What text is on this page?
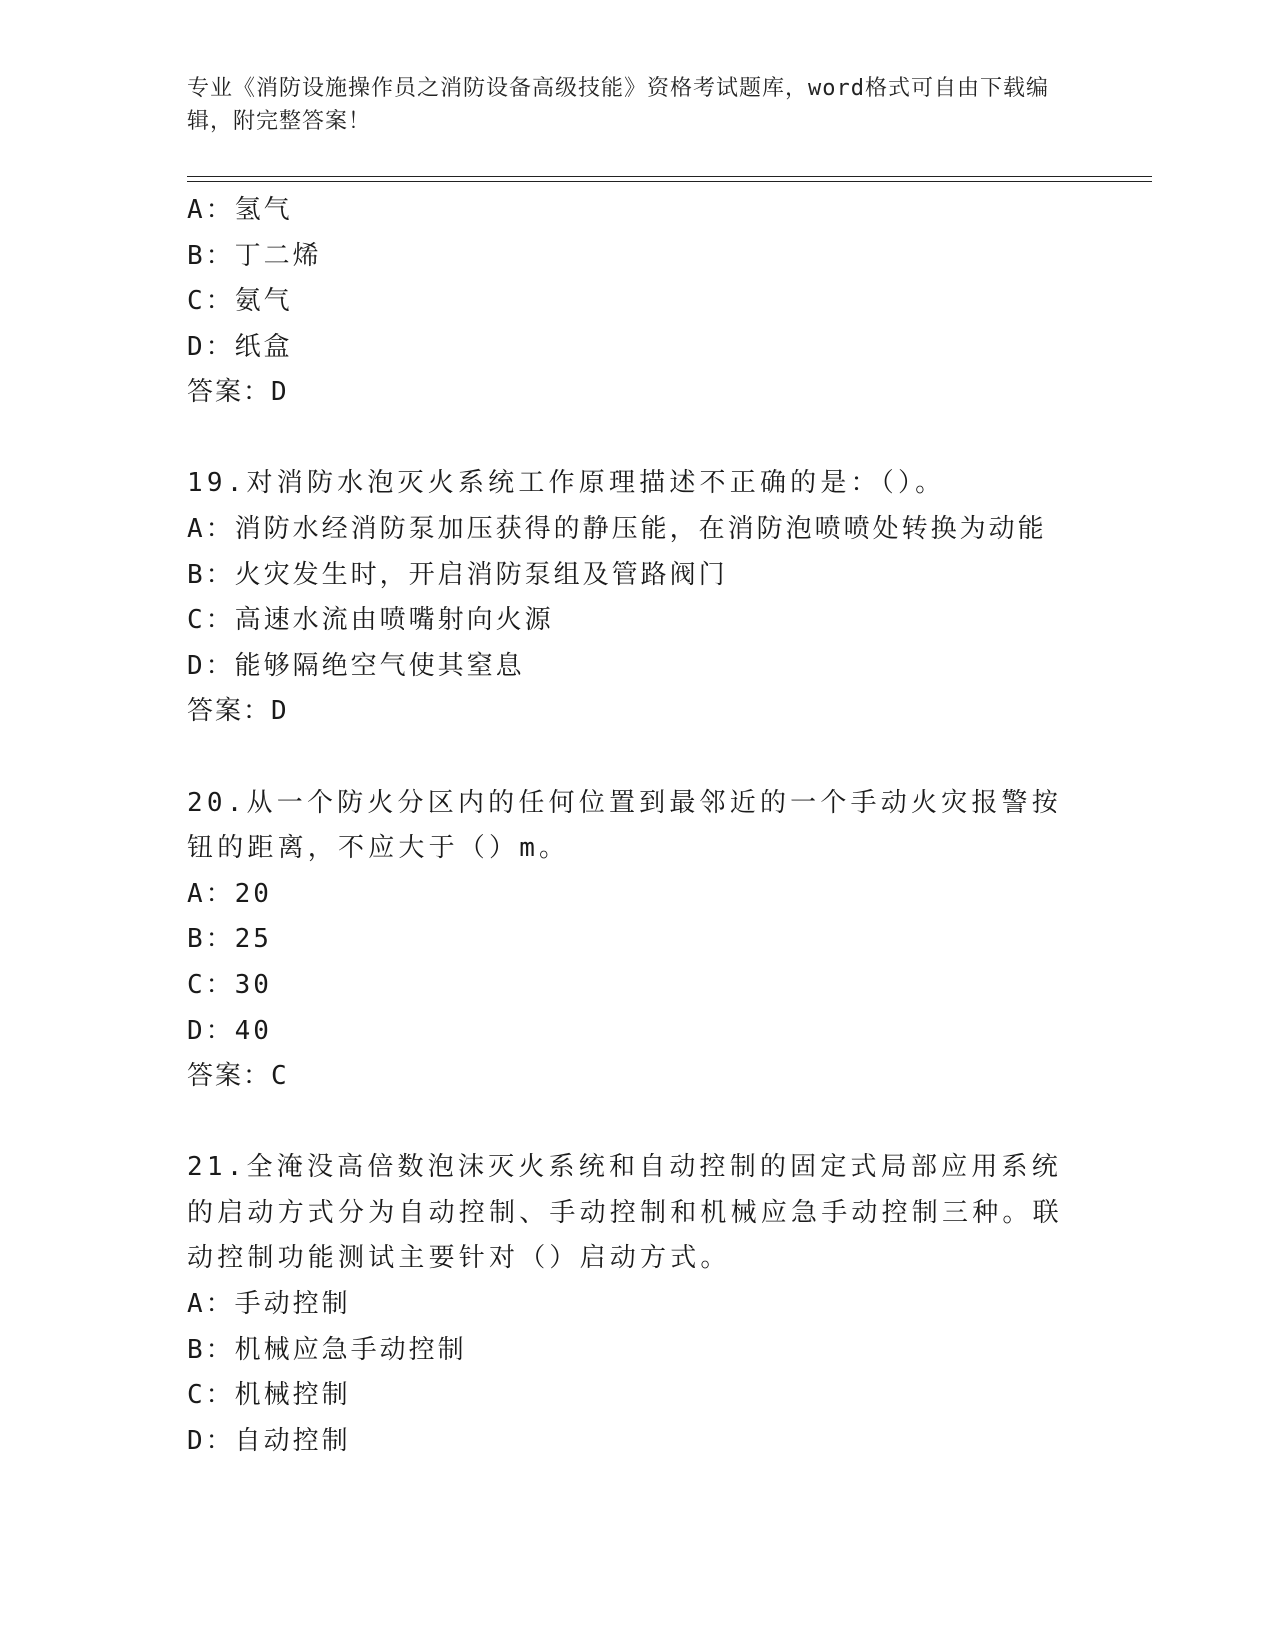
专业《消防设施操作员之消防设备高级技能》资格考试题库，word格式可自由下载编辑，附完整答案！
A：氢气
B：丁二烯
C：氨气
D：纸盒
答案：D
19.对消防水泡灭火系统工作原理描述不正确的是：（）。
A：消防水经消防泵加压获得的静压能，在消防泡喷喷处转换为动能
B：火灾发生时，开启消防泵组及管路阀门
C：高速水流由喷嘴射向火源
D：能够隔绝空气使其窒息
答案：D
20.从一个防火分区内的任何位置到最邻近的一个手动火灾报警按钮的距离，不应大于（）m。
A：20
B：25
C：30
D：40
答案：C
21.全淹没高倍数泡沫灭火系统和自动控制的固定式局部应用系统的启动方式分为自动控制、手动控制和机械应急手动控制三种。联动控制功能测试主要针对（）启动方式。
A：手动控制
B：机械应急手动控制
C：机械控制
D：自动控制
